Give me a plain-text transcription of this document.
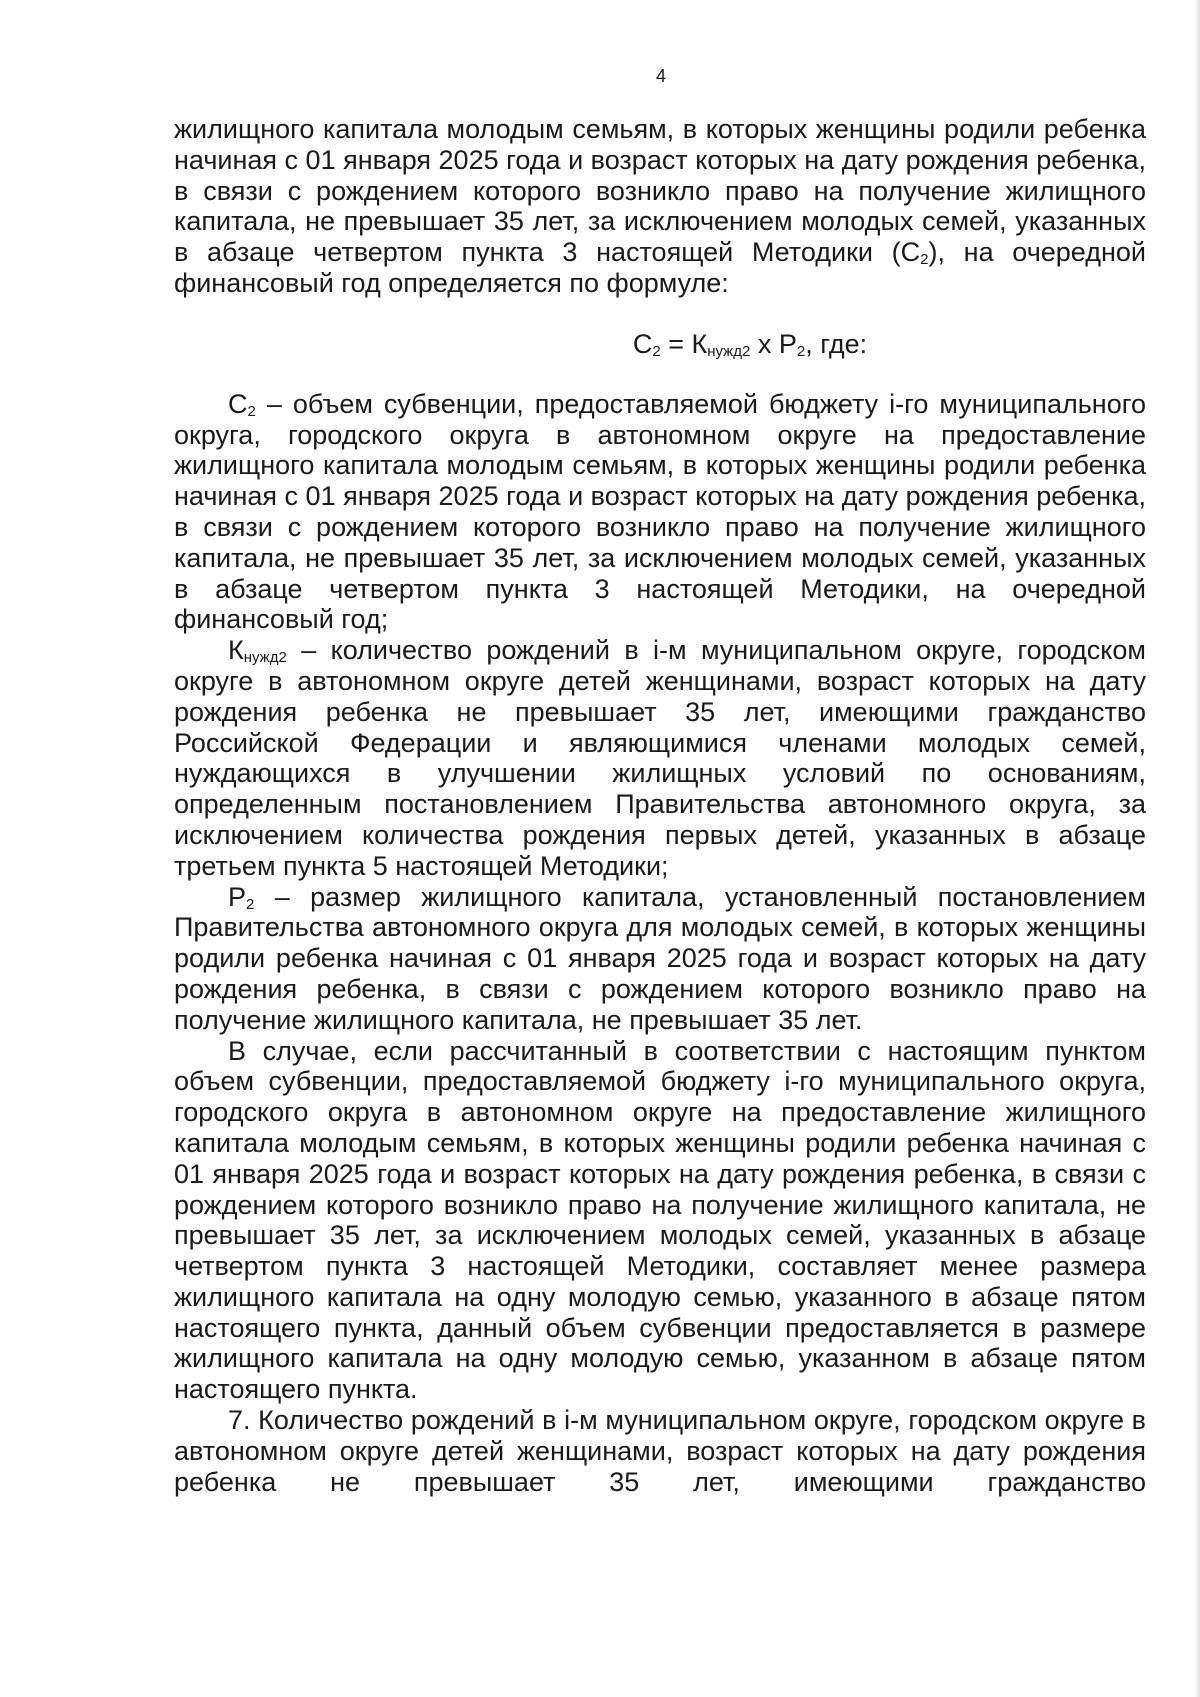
4

жилищного капитала молодым семьям, в которых женщины родили ребенка начиная с 01 января 2025 года и возраст которых на дату рождения ребенка, в связи с рождением которого возникло право на получение жилищного капитала, не превышает 35 лет, за исключением молодых семей, указанных в абзаце четвертом пункта 3 настоящей Методики $(С_2)$, на очередной финансовый год определяется по формуле:

$С_2 = К_{нужд2}$ х $Р_2$, где:

$С_2$ – объем субвенции, предоставляемой бюджету i-го муниципального округа, городского округа в автономном округе на предоставление жилищного капитала молодым семьям, в которых женщины родили ребенка начиная с 01 января 2025 года и возраст которых на дату рождения ребенка, в связи с рождением которого возникло право на получение жилищного капитала, не превышает 35 лет, за исключением молодых семей, указанных в абзаце четвертом пункта 3 настоящей Методики, на очередной финансовый год;

$К_{нужд2}$ – количество рождений в i-м муниципальном округе, городском округе в автономном округе детей женщинами, возраст которых на дату рождения ребенка не превышает 35 лет, имеющими гражданство Российской Федерации и являющимися членами молодых семей, нуждающихся в улучшении жилищных условий по основаниям, определенным постановлением Правительства автономного округа, за исключением количества рождения первых детей, указанных в абзаце третьем пункта 5 настоящей Методики;

$Р_2$ – размер жилищного капитала, установленный постановлением Правительства автономного округа для молодых семей, в которых женщины родили ребенка начиная с 01 января 2025 года и возраст которых на дату рождения ребенка, в связи с рождением которого возникло право на получение жилищного капитала, не превышает 35 лет.

В случае, если рассчитанный в соответствии с настоящим пунктом объем субвенции, предоставляемой бюджету i-го муниципального округа, городского округа в автономном округе на предоставление жилищного капитала молодым семьям, в которых женщины родили ребенка начиная с 01 января 2025 года и возраст которых на дату рождения ребенка, в связи с рождением которого возникло право на получение жилищного капитала, не превышает 35 лет, за исключением молодых семей, указанных в абзаце четвертом пункта 3 настоящей Методики, составляет менее размера жилищного капитала на одну молодую семью, указанного в абзаце пятом настоящего пункта, данный объем субвенции предоставляется в размере жилищного капитала на одну молодую семью, указанном в абзаце пятом настоящего пункта.

7. Количество рождений в i-м муниципальном округе, городском округе в автономном округе детей женщинами, возраст которых на дату рождения ребенка не превышает 35 лет, имеющими гражданство
